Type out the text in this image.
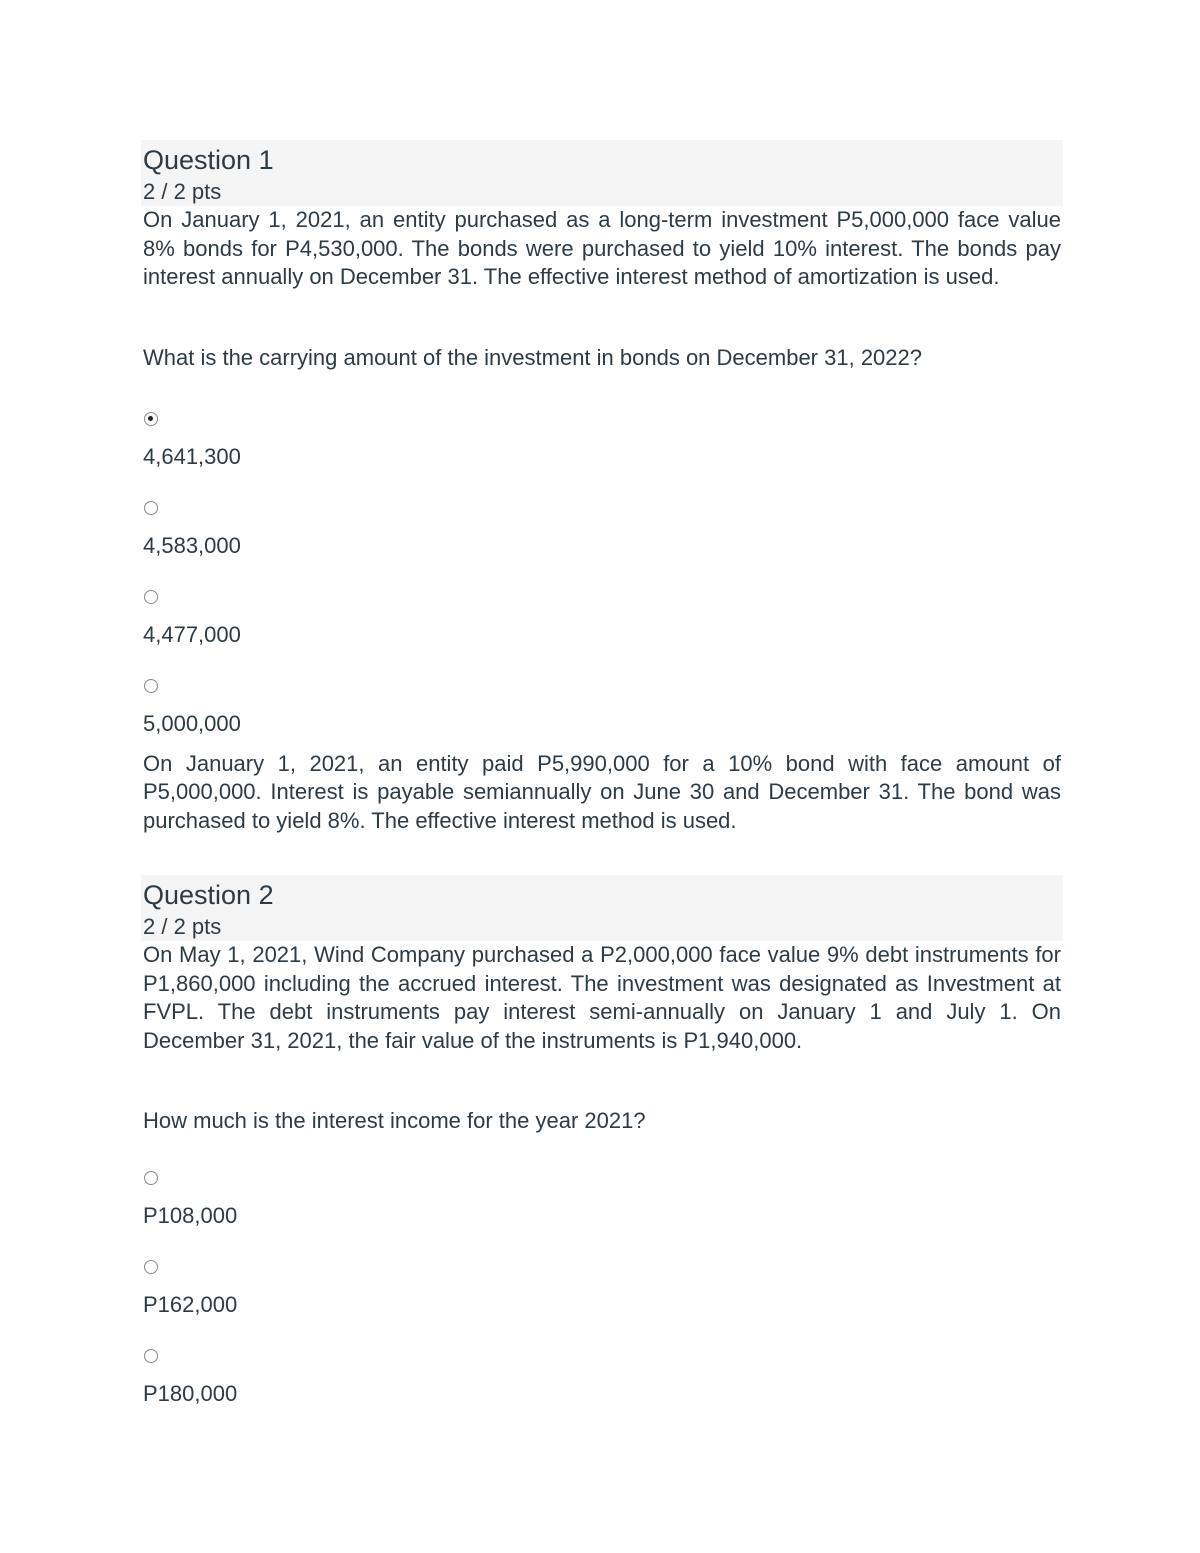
Question 1
2 / 2 pts

On January 1, 2021, an entity purchased as a long-term investment P5,000,000 face value 8% bonds for P4,530,000. The bonds were purchased to yield 10% interest. The bonds pay interest annually on December 31. The effective interest method of amortization is used.

What is the carrying amount of the investment in bonds on December 31, 2022?

4,641,300
4,583,000
4,477,000
5,000,000

On January 1, 2021, an entity paid P5,990,000 for a 10% bond with face amount of P5,000,000. Interest is payable semiannually on June 30 and December 31. The bond was purchased to yield 8%. The effective interest method is used.

Question 2
2 / 2 pts

On May 1, 2021, Wind Company purchased a P2,000,000 face value 9% debt instruments for P1,860,000 including the accrued interest. The investment was designated as Investment at FVPL. The debt instruments pay interest semi-annually on January 1 and July 1. On December 31, 2021, the fair value of the instruments is P1,940,000.

How much is the interest income for the year 2021?

P108,000
P162,000
P180,000
